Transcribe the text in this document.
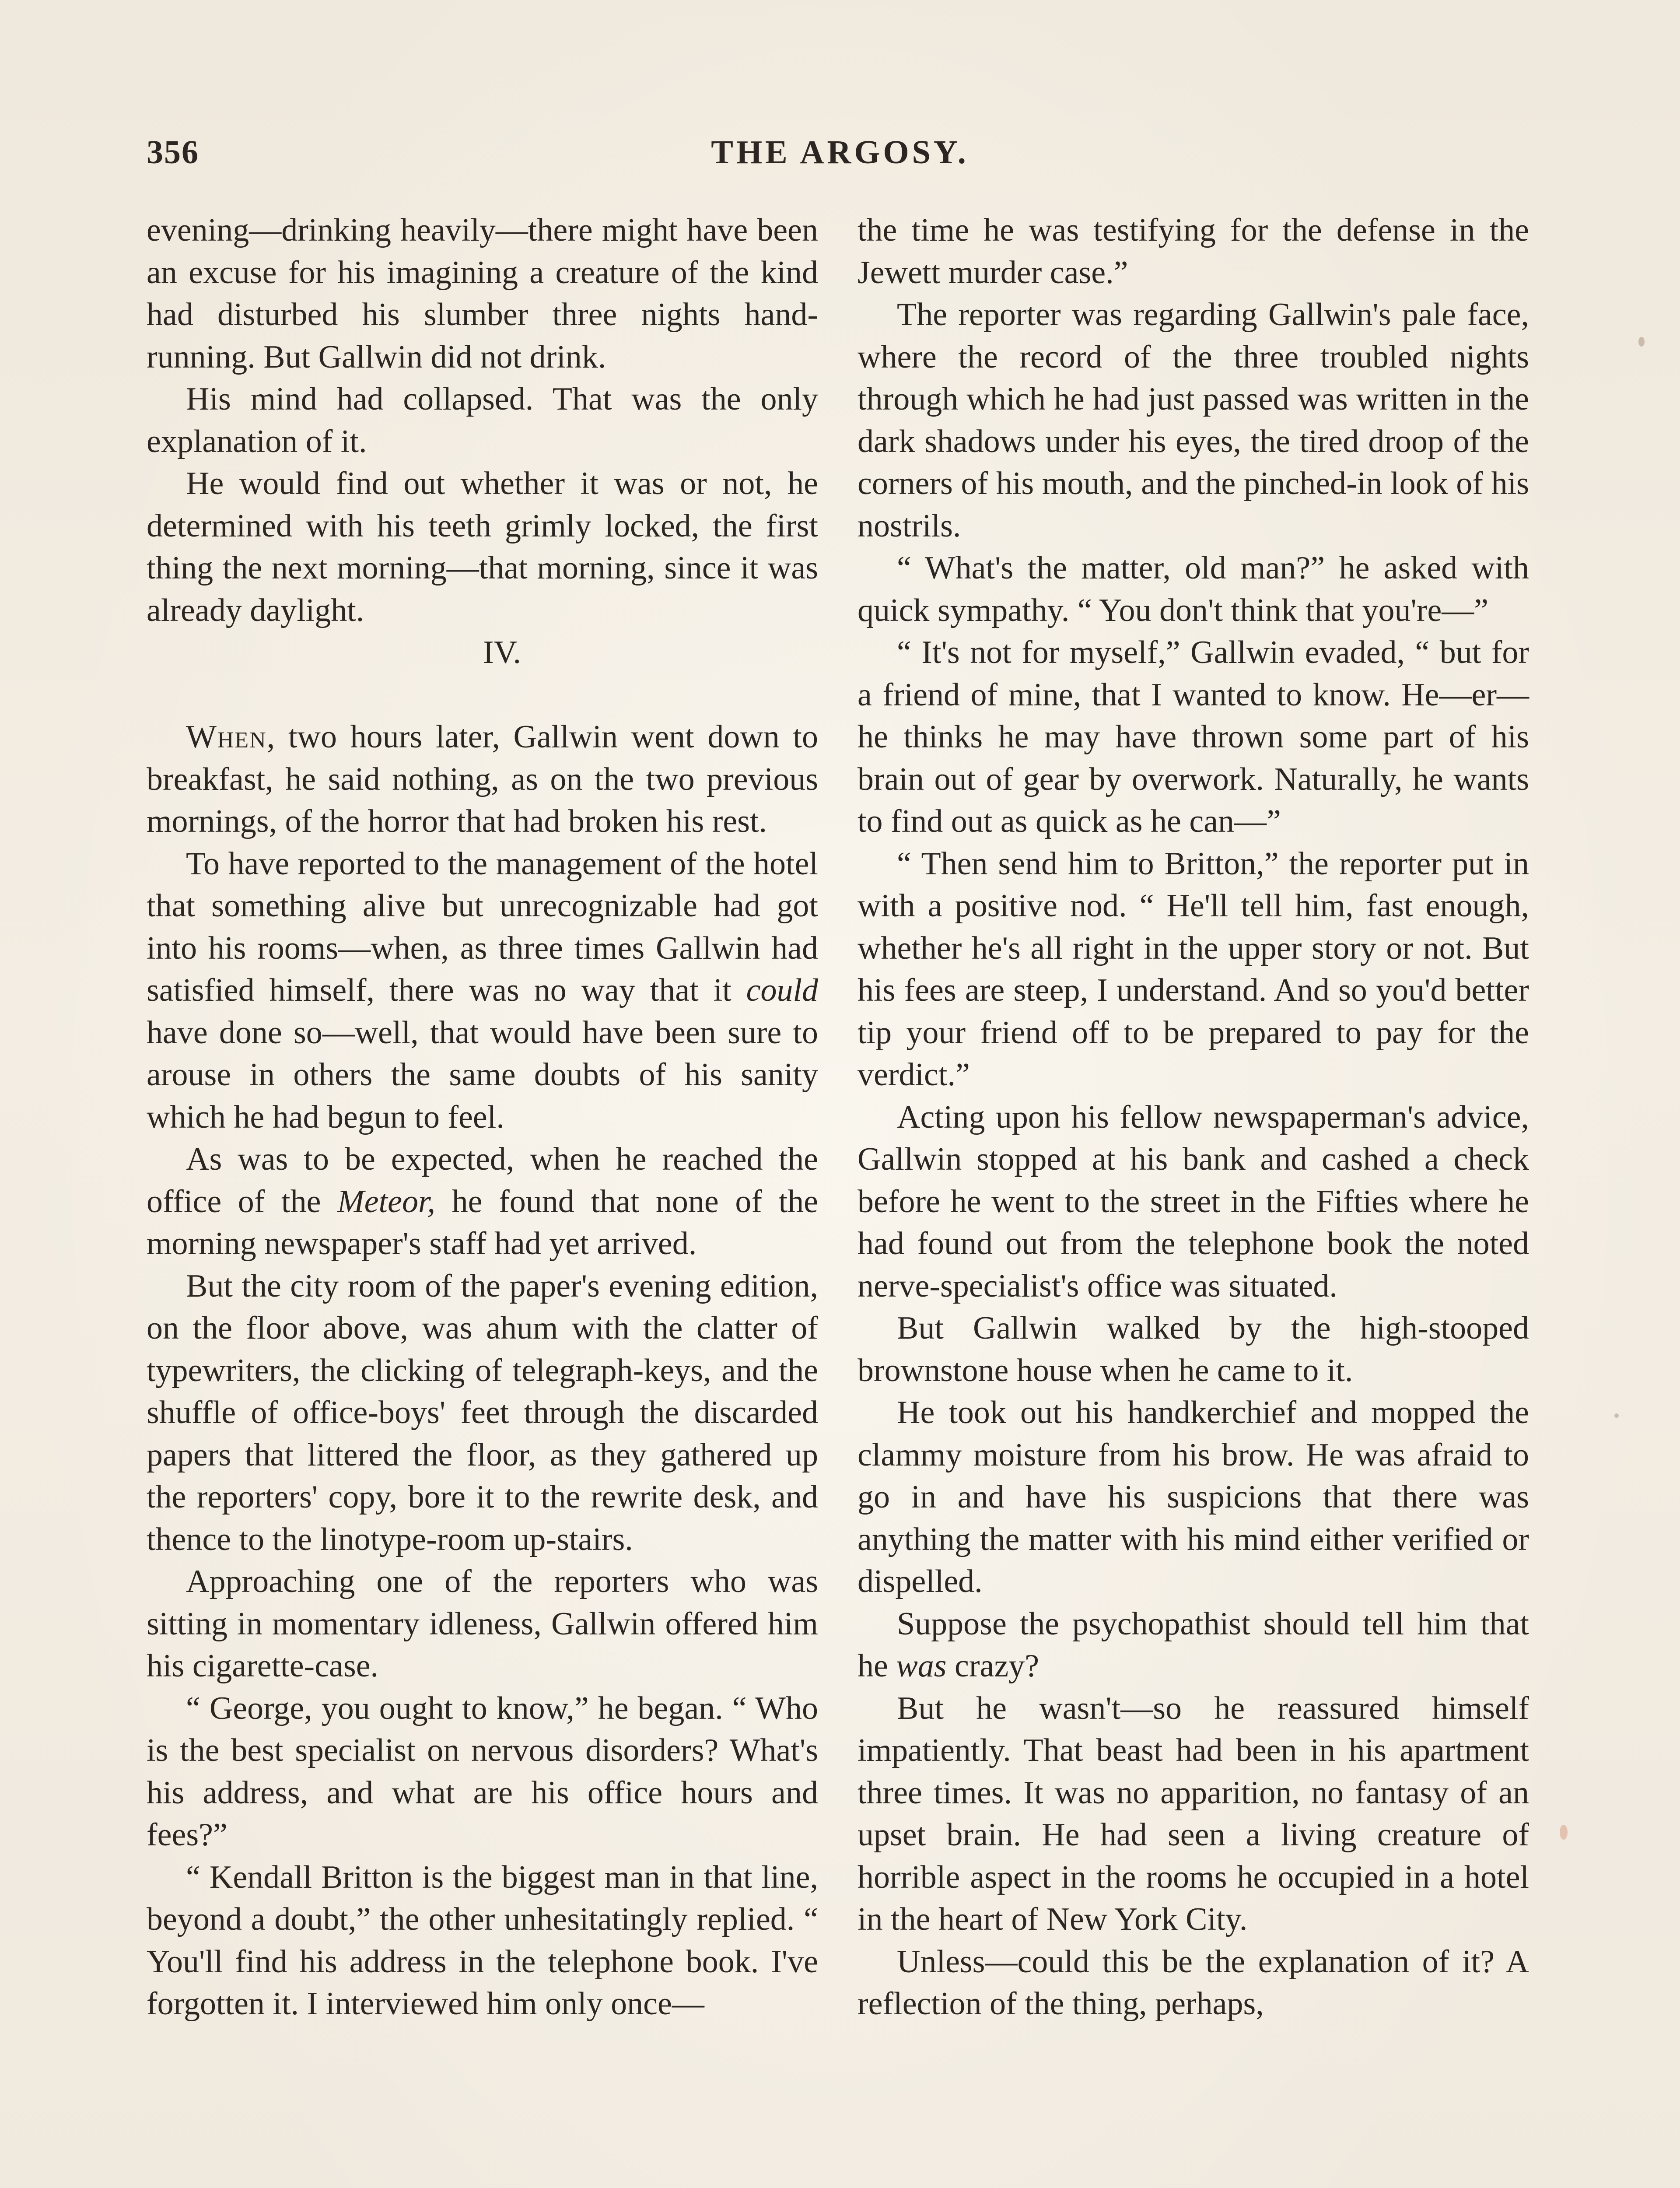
356	THE ARGOSY.

evening—drinking heavily—there might have been an excuse for his imagining a creature of the kind had disturbed his slumber three nights hand-running. But Gallwin did not drink.

His mind had collapsed. That was the only explanation of it.

He would find out whether it was or not, he determined with his teeth grimly locked, the first thing the next morning—that morning, since it was already daylight.

IV.

When, two hours later, Gallwin went down to breakfast, he said nothing, as on the two previous mornings, of the horror that had broken his rest.

To have reported to the management of the hotel that something alive but unrecognizable had got into his rooms—when, as three times Gallwin had satisfied himself, there was no way that it could have done so—well, that would have been sure to arouse in others the same doubts of his sanity which he had begun to feel.

As was to be expected, when he reached the office of the Meteor, he found that none of the morning newspaper's staff had yet arrived.

But the city room of the paper's evening edition, on the floor above, was ahum with the clatter of typewriters, the clicking of telegraph-keys, and the shuffle of office-boys' feet through the discarded papers that littered the floor, as they gathered up the reporters' copy, bore it to the rewrite desk, and thence to the linotype-room up-stairs.

Approaching one of the reporters who was sitting in momentary idleness, Gallwin offered him his cigarette-case.

“ George, you ought to know,” he began. “ Who is the best specialist on nervous disorders? What's his address, and what are his office hours and fees?”

“ Kendall Britton is the biggest man in that line, beyond a doubt,” the other unhesitatingly replied. “ You'll find his address in the telephone book. I've forgotten it. I interviewed him only once—

the time he was testifying for the defense in the Jewett murder case.”

The reporter was regarding Gallwin's pale face, where the record of the three troubled nights through which he had just passed was written in the dark shadows under his eyes, the tired droop of the corners of his mouth, and the pinched-in look of his nostrils.

“ What's the matter, old man?” he asked with quick sympathy. “ You don't think that you're—”

“ It's not for myself,” Gallwin evaded, “ but for a friend of mine, that I wanted to know. He—er—he thinks he may have thrown some part of his brain out of gear by overwork. Naturally, he wants to find out as quick as he can—”

“ Then send him to Britton,” the reporter put in with a positive nod. “ He'll tell him, fast enough, whether he's all right in the upper story or not. But his fees are steep, I understand. And so you'd better tip your friend off to be prepared to pay for the verdict.”

Acting upon his fellow newspaperman's advice, Gallwin stopped at his bank and cashed a check before he went to the street in the Fifties where he had found out from the telephone book the noted nerve-specialist's office was situated.

But Gallwin walked by the high-stooped brownstone house when he came to it.

He took out his handkerchief and mopped the clammy moisture from his brow. He was afraid to go in and have his suspicions that there was anything the matter with his mind either verified or dispelled.

Suppose the psychopathist should tell him that he was crazy?

But he wasn't—so he reassured himself impatiently. That beast had been in his apartment three times. It was no apparition, no fantasy of an upset brain. He had seen a living creature of horrible aspect in the rooms he occupied in a hotel in the heart of New York City.

Unless—could this be the explanation of it? A reflection of the thing, perhaps,
